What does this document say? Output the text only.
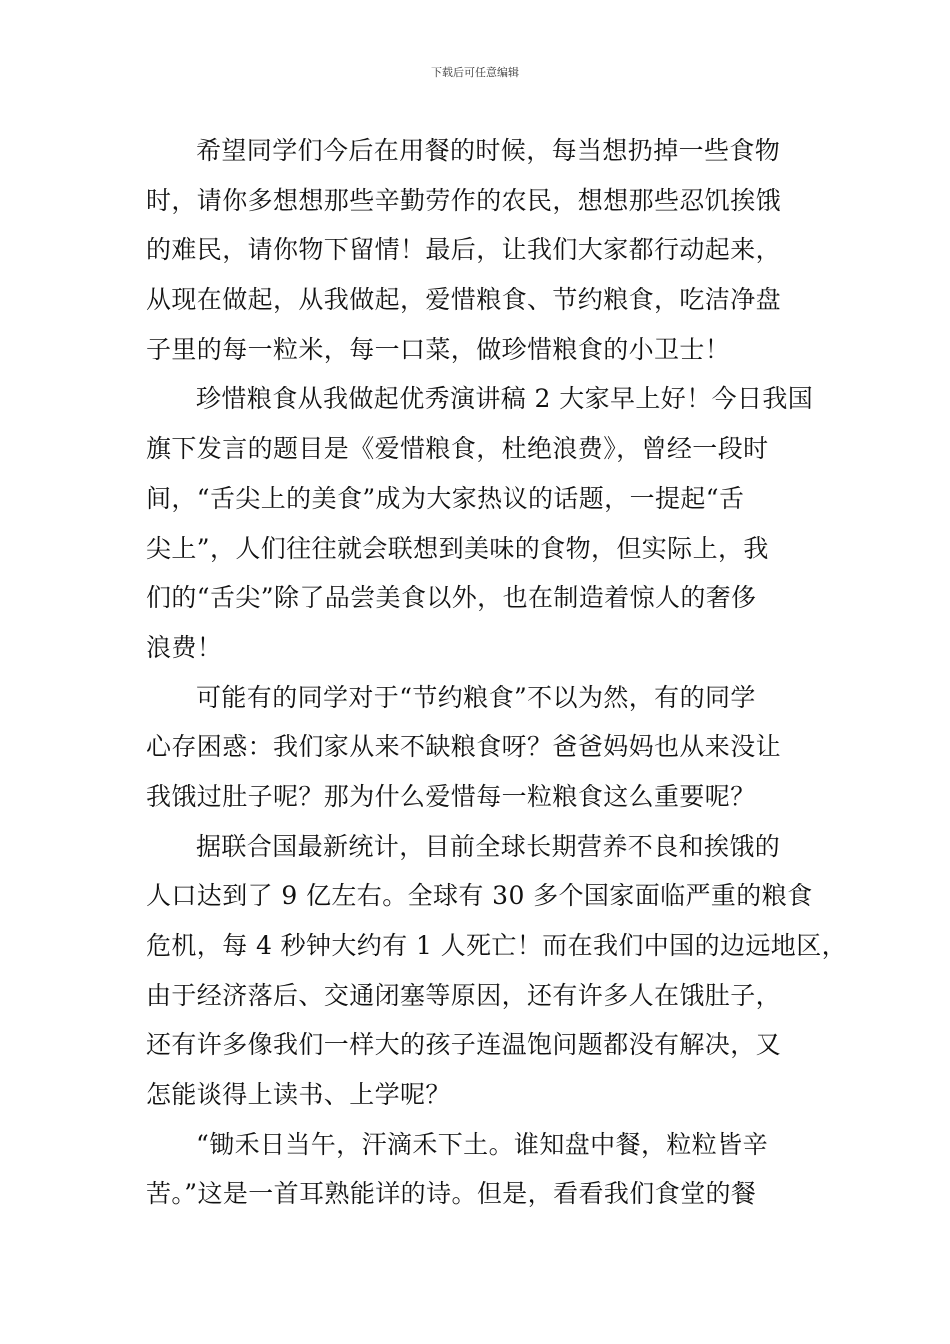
下载后可任意编辑
希望同学们今后在用餐的时候，每当想扔掉一些食物
时，请你多想想那些辛勤劳作的农民，想想那些忍饥挨饿
的难民，请你物下留情！最后，让我们大家都行动起来，
从现在做起，从我做起，爱惜粮食、节约粮食，吃洁净盘
子里的每一粒米，每一口菜，做珍惜粮食的小卫士！
珍惜粮食从我做起优秀演讲稿 2 大家早上好！今日我国
旗下发言的题目是《爱惜粮食，杜绝浪费》，曾经一段时
间，“舌尖上的美食”成为大家热议的话题，一提起“舌
尖上”，人们往往就会联想到美味的食物，但实际上，我
们的“舌尖”除了品尝美食以外，也在制造着惊人的奢侈
浪费！
可能有的同学对于“节约粮食”不以为然，有的同学
心存困惑：我们家从来不缺粮食呀？爸爸妈妈也从来没让
我饿过肚子呢？那为什么爱惜每一粒粮食这么重要呢？
据联合国最新统计，目前全球长期营养不良和挨饿的
人口达到了 9 亿左右。全球有 30 多个国家面临严重的粮食
危机，每 4 秒钟大约有 1 人死亡！而在我们中国的边远地区，
由于经济落后、交通闭塞等原因，还有许多人在饿肚子，
还有许多像我们一样大的孩子连温饱问题都没有解决，又
怎能谈得上读书、上学呢？
“锄禾日当午，汗滴禾下土。谁知盘中餐，粒粒皆辛
苦。”这是一首耳熟能详的诗。但是，看看我们食堂的餐
